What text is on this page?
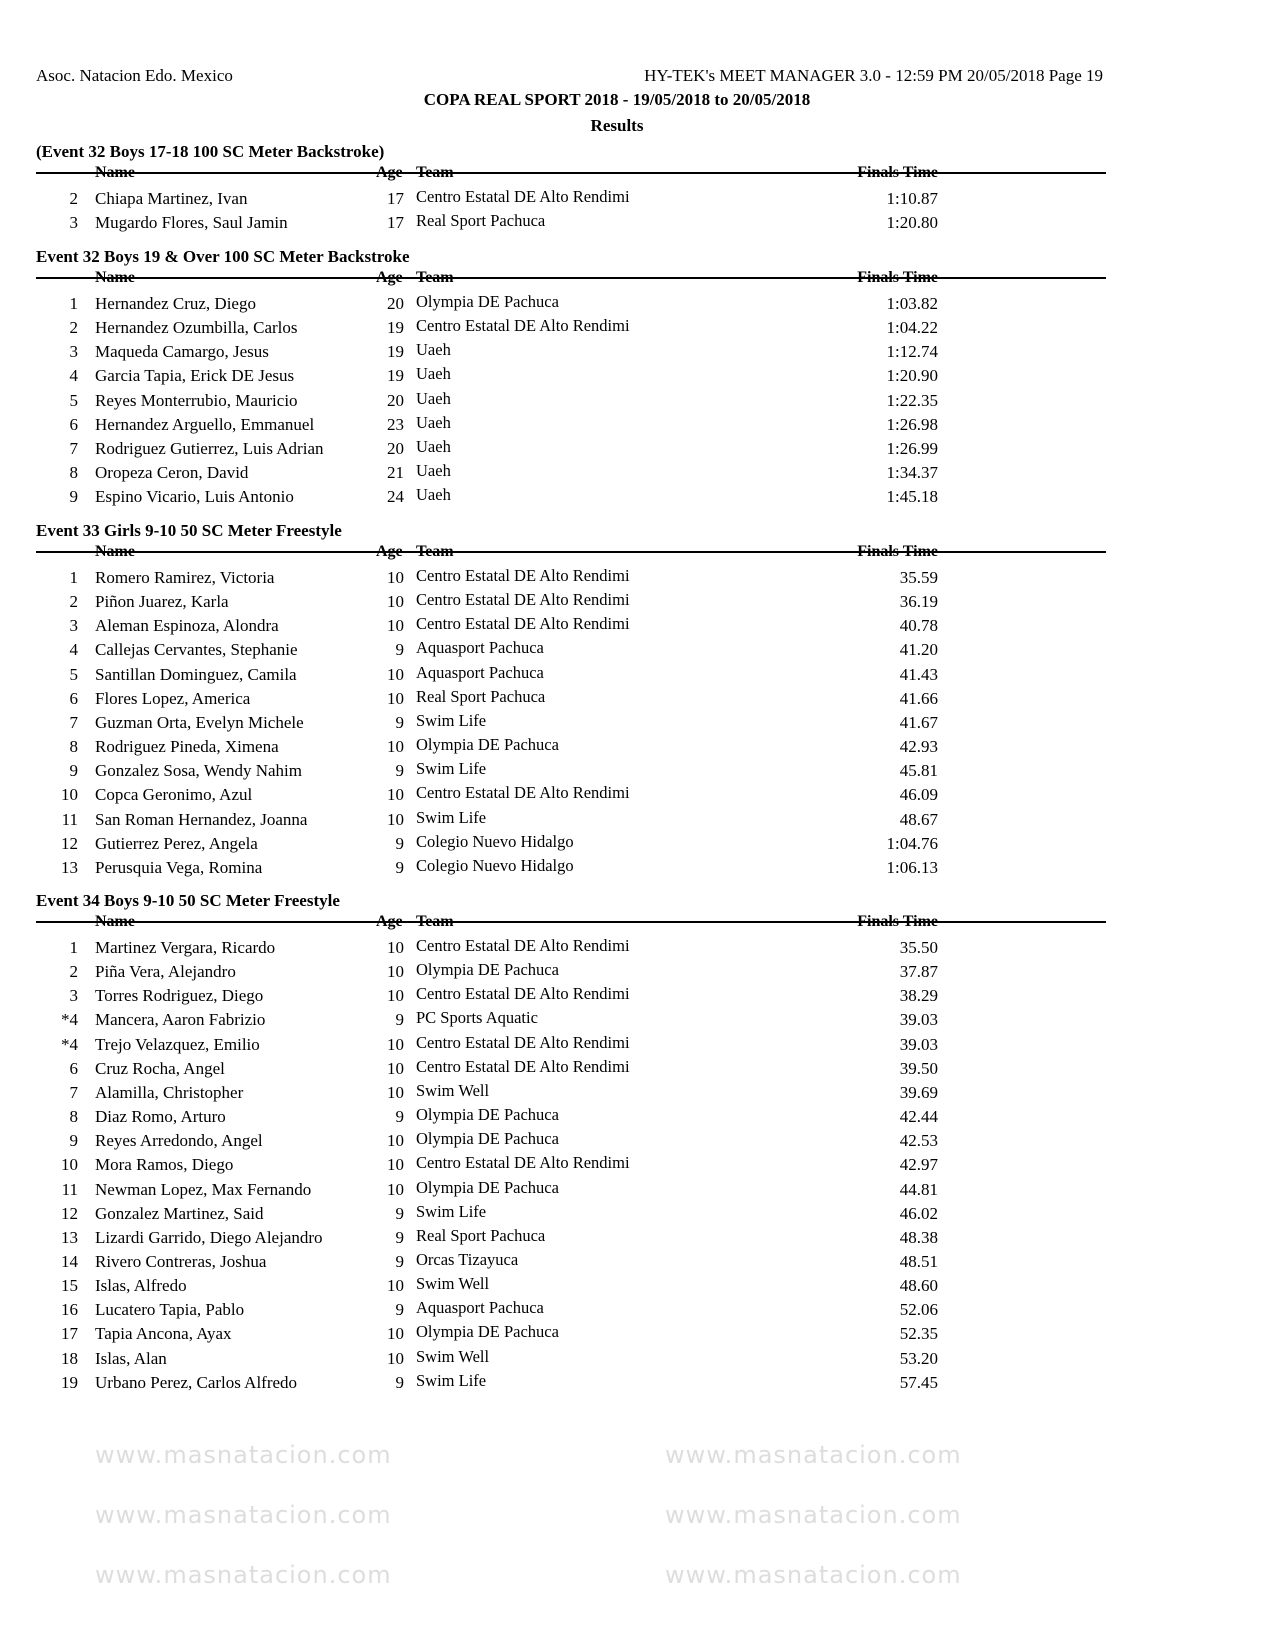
www.masnatacion.com	www.masnatacion.com
www.masnatacion.com	www.masnatacion.com
www.masnatacion.com	www.masnatacion.com
Asoc. Natacion Edo. Mexico	HY-TEK's MEET MANAGER 3.0 - 12:59 PM 20/05/2018 Page 19
COPA REAL SPORT 2018 - 19/05/2018 to 20/05/2018
Results
(Event 32 Boys 17-18 100 SC Meter Backstroke)
Name	Age Team	Finals Time
2 Chiapa Martinez, Ivan	17 Centro Estatal DE Alto Rendimi	1:10.87
3 Mugardo Flores, Saul Jamin	17 Real Sport Pachuca	1:20.80
Event 32 Boys 19 & Over 100 SC Meter Backstroke
Name	Age Team	Finals Time
1 Hernandez Cruz, Diego	20 Olympia DE Pachuca	1:03.82
2 Hernandez Ozumbilla, Carlos	19 Centro Estatal DE Alto Rendimi	1:04.22
3 Maqueda Camargo, Jesus	19 Uaeh	1:12.74
4 Garcia Tapia, Erick DE Jesus	19 Uaeh	1:20.90
5 Reyes Monterrubio, Mauricio	20 Uaeh	1:22.35
6 Hernandez Arguello, Emmanuel	23 Uaeh	1:26.98
7 Rodriguez Gutierrez, Luis Adrian	20 Uaeh	1:26.99
8 Oropeza Ceron, David	21 Uaeh	1:34.37
9 Espino Vicario, Luis Antonio	24 Uaeh	1:45.18
Event 33 Girls 9-10 50 SC Meter Freestyle
Name	Age Team	Finals Time
1 Romero Ramirez, Victoria	10 Centro Estatal DE Alto Rendimi	35.59
2 Piñon Juarez, Karla	10 Centro Estatal DE Alto Rendimi	36.19
3 Aleman Espinoza, Alondra	10 Centro Estatal DE Alto Rendimi	40.78
4 Callejas Cervantes, Stephanie	9 Aquasport Pachuca	41.20
5 Santillan Dominguez, Camila	10 Aquasport Pachuca	41.43
6 Flores Lopez, America	10 Real Sport Pachuca	41.66
7 Guzman Orta, Evelyn Michele	9 Swim Life	41.67
8 Rodriguez Pineda, Ximena	10 Olympia DE Pachuca	42.93
9 Gonzalez Sosa, Wendy Nahim	9 Swim Life	45.81
10 Copca Geronimo, Azul	10 Centro Estatal DE Alto Rendimi	46.09
11 San Roman Hernandez, Joanna	10 Swim Life	48.67
12 Gutierrez Perez, Angela	9 Colegio Nuevo Hidalgo	1:04.76
13 Perusquia Vega, Romina	9 Colegio Nuevo Hidalgo	1:06.13
Event 34 Boys 9-10 50 SC Meter Freestyle
Name	Age Team	Finals Time
1 Martinez Vergara, Ricardo	10 Centro Estatal DE Alto Rendimi	35.50
2 Piña Vera, Alejandro	10 Olympia DE Pachuca	37.87
3 Torres Rodriguez, Diego	10 Centro Estatal DE Alto Rendimi	38.29
*4 Mancera, Aaron Fabrizio	9 PC Sports Aquatic	39.03
*4 Trejo Velazquez, Emilio	10 Centro Estatal DE Alto Rendimi	39.03
6 Cruz Rocha, Angel	10 Centro Estatal DE Alto Rendimi	39.50
7 Alamilla, Christopher	10 Swim Well	39.69
8 Diaz Romo, Arturo	9 Olympia DE Pachuca	42.44
9 Reyes Arredondo, Angel	10 Olympia DE Pachuca	42.53
10 Mora Ramos, Diego	10 Centro Estatal DE Alto Rendimi	42.97
11 Newman Lopez, Max Fernando	10 Olympia DE Pachuca	44.81
12 Gonzalez Martinez, Said	9 Swim Life	46.02
13 Lizardi Garrido, Diego Alejandro	9 Real Sport Pachuca	48.38
14 Rivero Contreras, Joshua	9 Orcas Tizayuca	48.51
15 Islas, Alfredo	10 Swim Well	48.60
16 Lucatero Tapia, Pablo	9 Aquasport Pachuca	52.06
17 Tapia Ancona, Ayax	10 Olympia DE Pachuca	52.35
18 Islas, Alan	10 Swim Well	53.20
19 Urbano Perez, Carlos Alfredo	9 Swim Life	57.45
